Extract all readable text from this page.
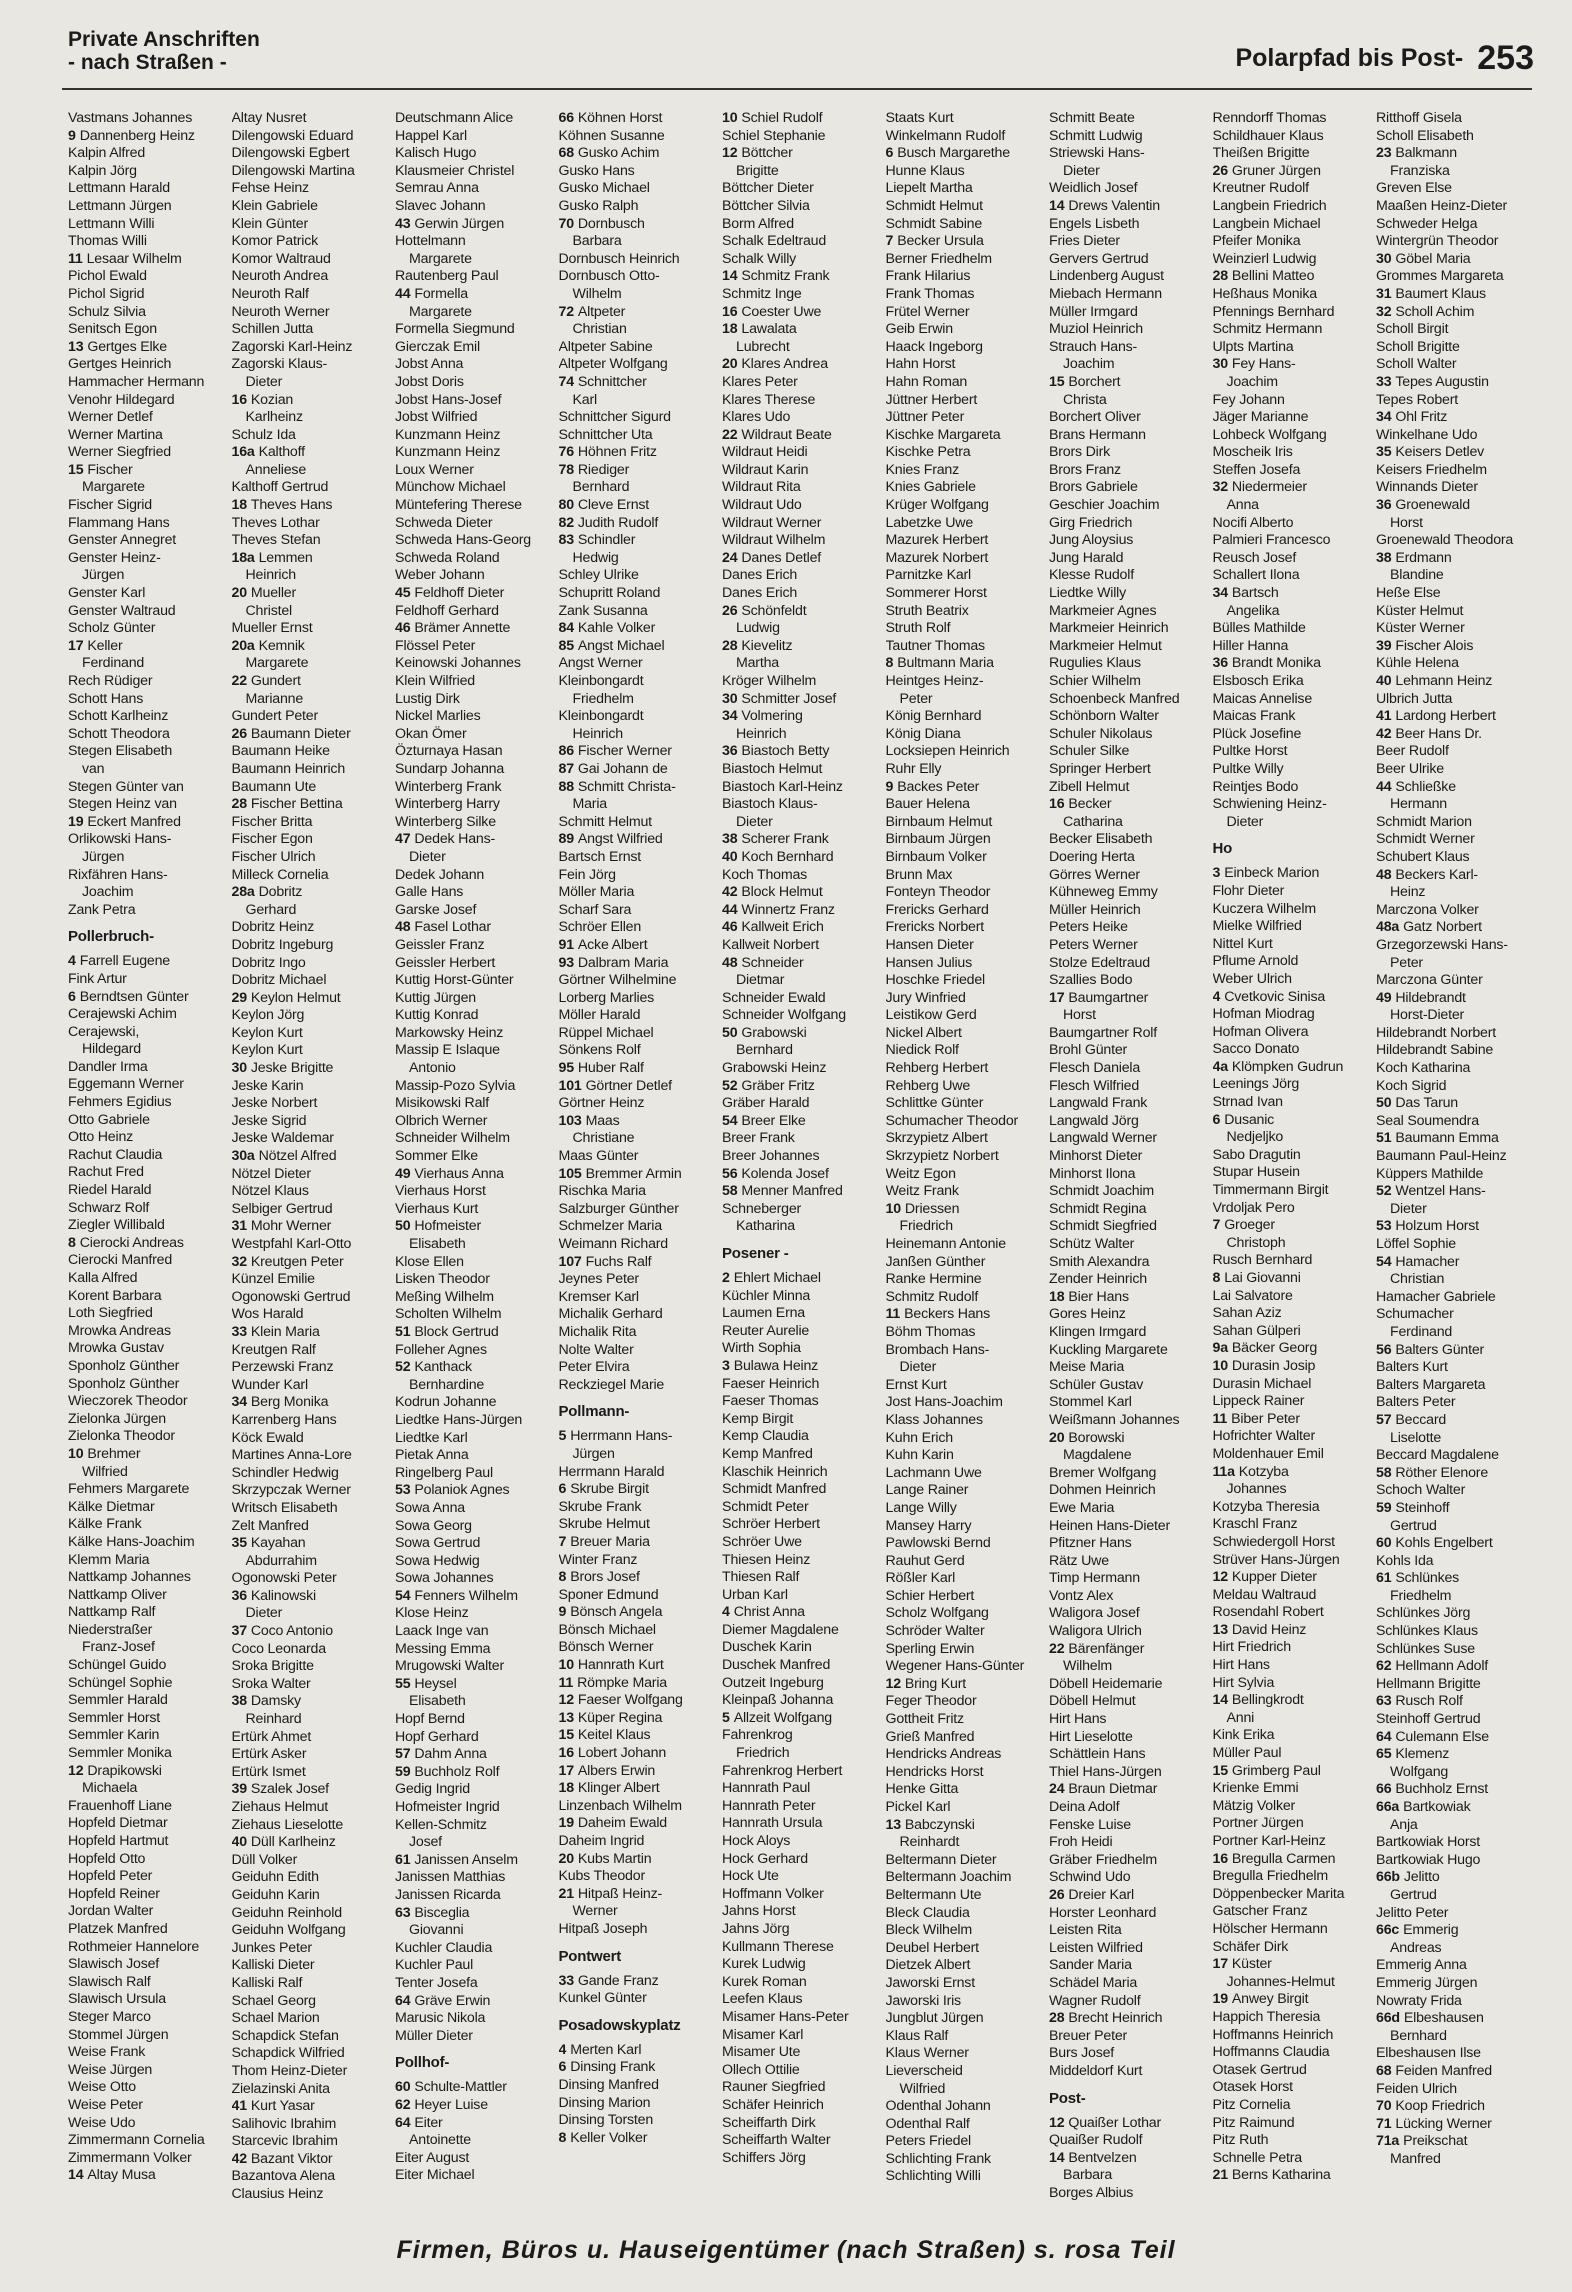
Private Anschriften
- nach Straßen -	Polarpfad bis Post- 253
Vastmans Johannes
9 Dannenberg Heinz
Kalpin Alfred
Kalpin Jörg
Lettmann Harald
Lettmann Jürgen
Lettmann Willi
Thomas Willi
11 Lesaar Wilhelm
Pichol Ewald
Pichol Sigrid
Schulz Silvia
Senitsch Egon
13 Gertges Elke
Gertges Heinrich
Hammacher Hermann
Venohr Hildegard
Werner Detlef
Werner Martina
Werner Siegfried
15 Fischer
Margarete
Fischer Sigrid
Flammang Hans
Genster Annegret
Genster Heinz-
Jürgen
Genster Karl
Genster Waltraud
Scholz Günter
17 Keller
Ferdinand
Rech Rüdiger
Schott Hans
Schott Karlheinz
Schott Theodora
Stegen Elisabeth
van
Stegen Günter van
Stegen Heinz van
19 Eckert Manfred
Orlikowski Hans-
Jürgen
Rixfähren Hans-
Joachim
Zank Petra
Pollerbruch-
4 Farrell Eugene
Fink Artur
6 Berndtsen Günter
Cerajewski Achim
Cerajewski,
Hildegard
Dandler Irma
Eggemann Werner
Fehmers Egidius
Otto Gabriele
Otto Heinz
Rachut Claudia
Rachut Fred
Riedel Harald
Schwarz Rolf
Ziegler Willibald
8 Cierocki Andreas
Cierocki Manfred
Kalla Alfred
Korent Barbara
Loth Siegfried
Mrowka Andreas
Mrowka Gustav
Sponholz Günther
Sponholz Günther
Wieczorek Theodor
Zielonka Jürgen
Zielonka Theodor
10 Brehmer
Wilfried
Fehmers Margarete
Kälke Dietmar
Kälke Frank
Kälke Hans-Joachim
Klemm Maria
Nattkamp Johannes
Nattkamp Oliver
Nattkamp Ralf
Niederstraßer
Franz-Josef
Schüngel Guido
Schüngel Sophie
Semmler Harald
Semmler Horst
Semmler Karin
Semmler Monika
12 Drapikowski
Michaela
Frauenhoff Liane
Hopfeld Dietmar
Hopfeld Hartmut
Hopfeld Otto
Hopfeld Peter
Hopfeld Reiner
Jordan Walter
Platzek Manfred
Rothmeier Hannelore
Slawisch Josef
Slawisch Ralf
Slawisch Ursula
Steger Marco
Stommel Jürgen
Weise Frank
Weise Jürgen
Weise Otto
Weise Peter
Weise Udo
Zimmermann Cornelia
Zimmermann Volker
14 Altay Musa
Altay Nusret
Dilengowski Eduard
Dilengowski Egbert
Dilengowski Martina
Fehse Heinz
Klein Gabriele
Klein Günter
Komor Patrick
Komor Waltraud
Neuroth Andrea
Neuroth Ralf
Neuroth Werner
Schillen Jutta
Zagorski Karl-Heinz
Zagorski Klaus-
Dieter
16 Kozian
Karlheinz
Schulz Ida
16a Kalthoff
Anneliese
Kalthoff Gertrud
18 Theves Hans
Theves Lothar
Theves Stefan
18a Lemmen
Heinrich
20 Mueller
Christel
Mueller Ernst
20a Kemnik
Margarete
22 Gundert
Marianne
Gundert Peter
26 Baumann Dieter
Baumann Heike
Baumann Heinrich
Baumann Ute
28 Fischer Bettina
Fischer Britta
Fischer Egon
Fischer Ulrich
Milleck Cornelia
28a Dobritz
Gerhard
Dobritz Heinz
Dobritz Ingeburg
Dobritz Ingo
Dobritz Michael
29 Keylon Helmut
Keylon Jörg
Keylon Kurt
Keylon Kurt
30 Jeske Brigitte
Jeske Karin
Jeske Norbert
Jeske Sigrid
Jeske Waldemar
30a Nötzel Alfred
Nötzel Dieter
Nötzel Klaus
Selbiger Gertrud
31 Mohr Werner
Westpfahl Karl-Otto
32 Kreutgen Peter
Künzel Emilie
Ogonowski Gertrud
Wos Harald
33 Klein Maria
Kreutgen Ralf
Perzewski Franz
Wunder Karl
34 Berg Monika
Karrenberg Hans
Köck Ewald
Martines Anna-Lore
Schindler Hedwig
Skrzypczak Werner
Writsch Elisabeth
Zelt Manfred
35 Kayahan
Abdurrahim
Ogonowski Peter
36 Kalinowski
Dieter
37 Coco Antonio
Coco Leonarda
Sroka Brigitte
Sroka Walter
38 Damsky
Reinhard
Ertürk Ahmet
Ertürk Asker
Ertürk Ismet
39 Szalek Josef
Ziehaus Helmut
Ziehaus Lieselotte
40 Düll Karlheinz
Düll Volker
Geiduhn Edith
Geiduhn Karin
Geiduhn Reinhold
Geiduhn Wolfgang
Junkes Peter
Kalliski Dieter
Kalliski Ralf
Schael Georg
Schael Marion
Schapdick Stefan
Schapdick Wilfried
Thom Heinz-Dieter
Zielazinski Anita
41 Kurt Yasar
Salihovic Ibrahim
Starcevic Ibrahim
42 Bazant Viktor
Bazantova Alena
Clausius Heinz
Deutschmann Alice
Happel Karl
Kalisch Hugo
Klausmeier Christel
Semrau Anna
Slavec Johann
43 Gerwin Jürgen
Hottelmann
Margarete
Rautenberg Paul
44 Formella
Margarete
Formella Siegmund
Gierczak Emil
Jobst Anna
Jobst Doris
Jobst Hans-Josef
Jobst Wilfried
Kunzmann Heinz
Kunzmann Heinz
Loux Werner
Münchow Michael
Müntefering Therese
Schweda Dieter
Schweda Hans-Georg
Schweda Roland
Weber Johann
45 Feldhoff Dieter
Feldhoff Gerhard
46 Brämer Annette
Flössel Peter
Keinowski Johannes
Klein Wilfried
Lustig Dirk
Nickel Marlies
Okan Ömer
Özturnaya Hasan
Sundarp Johanna
Winterberg Frank
Winterberg Harry
Winterberg Silke
47 Dedek Hans-
Dieter
Dedek Johann
Galle Hans
Garske Josef
48 Fasel Lothar
Geissler Franz
Geissler Herbert
Kuttig Horst-Günter
Kuttig Jürgen
Kuttig Konrad
Markowsky Heinz
Massip E Islaque
Antonio
Massip-Pozo Sylvia
Misikowski Ralf
Olbrich Werner
Schneider Wilhelm
Sommer Elke
49 Vierhaus Anna
Vierhaus Horst
Vierhaus Kurt
50 Hofmeister
Elisabeth
Klose Ellen
Lisken Theodor
Meßing Wilhelm
Scholten Wilhelm
51 Block Gertrud
Folleher Agnes
52 Kanthack
Bernhardine
Kodrun Johanne
Liedtke Hans-Jürgen
Liedtke Karl
Pietak Anna
Ringelberg Paul
53 Polaniok Agnes
Sowa Anna
Sowa Georg
Sowa Gertrud
Sowa Hedwig
Sowa Johannes
54 Fenners Wilhelm
Klose Heinz
Laack Inge van
Messing Emma
Mrugowski Walter
55 Heysel
Elisabeth
Hopf Bernd
Hopf Gerhard
57 Dahm Anna
59 Buchholz Rolf
Gedig Ingrid
Hofmeister Ingrid
Kellen-Schmitz
Josef
61 Janissen Anselm
Janissen Matthias
Janissen Ricarda
63 Bisceglia
Giovanni
Kuchler Claudia
Kuchler Paul
Tenter Josefa
64 Gräve Erwin
Marusic Nikola
Müller Dieter
Pollhof-
60 Schulte-Mattler
62 Heyer Luise
64 Eiter
Antoinette
Eiter August
Eiter Michael
66 Köhnen Horst
Köhnen Susanne
68 Gusko Achim
Gusko Hans
Gusko Michael
Gusko Ralph
70 Dornbusch
Barbara
Dornbusch Heinrich
Dornbusch Otto-
Wilhelm
72 Altpeter
Christian
Altpeter Sabine
Altpeter Wolfgang
74 Schnittcher
Karl
Schnittcher Sigurd
Schnittcher Uta
76 Höhnen Fritz
78 Riediger
Bernhard
80 Cleve Ernst
82 Judith Rudolf
83 Schindler
Hedwig
Schley Ulrike
Schupritt Roland
Zank Susanna
84 Kahle Volker
85 Angst Michael
Angst Werner
Kleinbongardt
Friedhelm
Kleinbongardt
Heinrich
86 Fischer Werner
87 Gai Johann de
88 Schmitt Christa-
Maria
Schmitt Helmut
89 Angst Wilfried
Bartsch Ernst
Fein Jörg
Möller Maria
Scharf Sara
Schröer Ellen
91 Acke Albert
93 Dalbram Maria
Görtner Wilhelmine
Lorberg Marlies
Möller Harald
Rüppel Michael
Sönkens Rolf
95 Huber Ralf
101 Görtner Detlef
Görtner Heinz
103 Maas
Christiane
Maas Günter
105 Bremmer Armin
Rischka Maria
Salzburger Günther
Schmelzer Maria
Weimann Richard
107 Fuchs Ralf
Jeynes Peter
Kremser Karl
Michalik Gerhard
Michalik Rita
Nolte Walter
Peter Elvira
Reckziegel Marie
Pollmann-
5 Herrmann Hans-
Jürgen
Herrmann Harald
6 Skrube Birgit
Skrube Frank
Skrube Helmut
7 Breuer Maria
Winter Franz
8 Brors Josef
Sponer Edmund
9 Bönsch Angela
Bönsch Michael
Bönsch Werner
10 Hannrath Kurt
11 Römpke Maria
12 Faeser Wolfgang
13 Küper Regina
15 Keitel Klaus
16 Lobert Johann
17 Albers Erwin
18 Klinger Albert
Linzenbach Wilhelm
19 Daheim Ewald
Daheim Ingrid
20 Kubs Martin
Kubs Theodor
21 Hitpaß Heinz-
Werner
Hitpaß Joseph
Pontwert
33 Gande Franz
Kunkel Günter
Posadowskyplatz
4 Merten Karl
6 Dinsing Frank
Dinsing Manfred
Dinsing Marion
Dinsing Torsten
8 Keller Volker
10 Schiel Rudolf
Schiel Stephanie
12 Böttcher
Brigitte
Böttcher Dieter
Böttcher Silvia
Borm Alfred
Schalk Edeltraud
Schalk Willy
14 Schmitz Frank
Schmitz Inge
16 Coester Uwe
18 Lawalata
Lubrecht
20 Klares Andrea
Klares Peter
Klares Therese
Klares Udo
22 Wildraut Beate
Wildraut Heidi
Wildraut Karin
Wildraut Rita
Wildraut Udo
Wildraut Werner
Wildraut Wilhelm
24 Danes Detlef
Danes Erich
Danes Erich
26 Schönfeldt
Ludwig
28 Kievelitz
Martha
Kröger Wilhelm
30 Schmitter Josef
34 Volmering
Heinrich
36 Biastoch Betty
Biastoch Helmut
Biastoch Karl-Heinz
Biastoch Klaus-
Dieter
38 Scherer Frank
40 Koch Bernhard
Koch Thomas
42 Block Helmut
44 Winnertz Franz
46 Kallweit Erich
Kallweit Norbert
48 Schneider
Dietmar
Schneider Ewald
Schneider Wolfgang
50 Grabowski
Bernhard
Grabowski Heinz
52 Gräber Fritz
Gräber Harald
54 Breer Elke
Breer Frank
Breer Johannes
56 Kolenda Josef
58 Menner Manfred
Schneberger
Katharina
Posener -
2 Ehlert Michael
Küchler Minna
Laumen Erna
Reuter Aurelie
Wirth Sophia
3 Bulawa Heinz
Faeser Heinrich
Faeser Thomas
Kemp Birgit
Kemp Claudia
Kemp Manfred
Klaschik Heinrich
Schmidt Manfred
Schmidt Peter
Schröer Herbert
Schröer Uwe
Thiesen Heinz
Thiesen Ralf
Urban Karl
4 Christ Anna
Diemer Magdalene
Duschek Karin
Duschek Manfred
Outzeit Ingeburg
Kleinpaß Johanna
5 Allzeit Wolfgang
Fahrenkrog
Friedrich
Fahrenkrog Herbert
Hannrath Paul
Hannrath Peter
Hannrath Ursula
Hock Aloys
Hock Gerhard
Hock Ute
Hoffmann Volker
Jahns Horst
Jahns Jörg
Kullmann Therese
Kurek Ludwig
Kurek Roman
Leefen Klaus
Misamer Hans-Peter
Misamer Karl
Misamer Ute
Ollech Ottilie
Rauner Siegfried
Schäfer Heinrich
Scheiffarth Dirk
Scheiffarth Walter
Schiffers Jörg
Staats Kurt
Winkelmann Rudolf
6 Busch Margarethe
Hunne Klaus
Liepelt Martha
Schmidt Helmut
Schmidt Sabine
7 Becker Ursula
Berner Friedhelm
Frank Hilarius
Frank Thomas
Frütel Werner
Geib Erwin
Haack Ingeborg
Hahn Horst
Hahn Roman
Jüttner Herbert
Jüttner Peter
Kischke Margareta
Kischke Petra
Knies Franz
Knies Gabriele
Krüger Wolfgang
Labetzke Uwe
Mazurek Herbert
Mazurek Norbert
Parnitzke Karl
Sommerer Horst
Struth Beatrix
Struth Rolf
Tautner Thomas
8 Bultmann Maria
Heintges Heinz-
Peter
König Bernhard
König Diana
Locksiepen Heinrich
Ruhr Elly
9 Backes Peter
Bauer Helena
Birnbaum Helmut
Birnbaum Jürgen
Birnbaum Volker
Brunn Max
Fonteyn Theodor
Frericks Gerhard
Frericks Norbert
Hansen Dieter
Hansen Julius
Hoschke Friedel
Jury Winfried
Leistikow Gerd
Nickel Albert
Niedick Rolf
Rehberg Herbert
Rehberg Uwe
Schlittke Günter
Schumacher Theodor
Skrzypietz Albert
Skrzypietz Norbert
Weitz Egon
Weitz Frank
10 Driessen
Friedrich
Heinemann Antonie
Janßen Günther
Ranke Hermine
Schmitz Rudolf
11 Beckers Hans
Böhm Thomas
Brombach Hans-
Dieter
Ernst Kurt
Jost Hans-Joachim
Klass Johannes
Kuhn Erich
Kuhn Karin
Lachmann Uwe
Lange Rainer
Lange Willy
Mansey Harry
Pawlowski Bernd
Rauhut Gerd
Rößler Karl
Schier Herbert
Scholz Wolfgang
Schröder Walter
Sperling Erwin
Wegener Hans-Günter
12 Bring Kurt
Feger Theodor
Gottheit Fritz
Grieß Manfred
Hendricks Andreas
Hendricks Horst
Henke Gitta
Pickel Karl
13 Babczynski
Reinhardt
Beltermann Dieter
Beltermann Joachim
Beltermann Ute
Bleck Claudia
Bleck Wilhelm
Deubel Herbert
Dietzek Albert
Jaworski Ernst
Jaworski Iris
Jungblut Jürgen
Klaus Ralf
Klaus Werner
Lieverscheid
Wilfried
Odenthal Johann
Odenthal Ralf
Peters Friedel
Schlichting Frank
Schlichting Willi
Schmitt Beate
Schmitt Ludwig
Striewski Hans-
Dieter
Weidlich Josef
14 Drews Valentin
Engels Lisbeth
Fries Dieter
Gervers Gertrud
Lindenberg August
Miebach Hermann
Müller Irmgard
Muziol Heinrich
Strauch Hans-
Joachim
15 Borchert
Christa
Borchert Oliver
Brans Hermann
Brors Dirk
Brors Franz
Brors Gabriele
Geschier Joachim
Girg Friedrich
Jung Aloysius
Jung Harald
Klesse Rudolf
Liedtke Willy
Markmeier Agnes
Markmeier Heinrich
Markmeier Helmut
Rugulies Klaus
Schier Wilhelm
Schoenbeck Manfred
Schönborn Walter
Schuler Nikolaus
Schuler Silke
Springer Herbert
Zibell Helmut
16 Becker
Catharina
Becker Elisabeth
Doering Herta
Görres Werner
Kühneweg Emmy
Müller Heinrich
Peters Heike
Peters Werner
Stolze Edeltraud
Szallies Bodo
17 Baumgartner
Horst
Baumgartner Rolf
Brohl Günter
Flesch Daniela
Flesch Wilfried
Langwald Frank
Langwald Jörg
Langwald Werner
Minhorst Dieter
Minhorst Ilona
Schmidt Joachim
Schmidt Regina
Schmidt Siegfried
Schütz Walter
Smith Alexandra
Zender Heinrich
18 Bier Hans
Gores Heinz
Klingen Irmgard
Kuckling Margarete
Meise Maria
Schüler Gustav
Stommel Karl
Weißmann Johannes
20 Borowski
Magdalene
Bremer Wolfgang
Dohmen Heinrich
Ewe Maria
Heinen Hans-Dieter
Pfitzner Hans
Rätz Uwe
Timp Hermann
Vontz Alex
Waligora Josef
Waligora Ulrich
22 Bärenfänger
Wilhelm
Döbell Heidemarie
Döbell Helmut
Hirt Hans
Hirt Lieselotte
Schättlein Hans
Thiel Hans-Jürgen
24 Braun Dietmar
Deina Adolf
Fenske Luise
Froh Heidi
Gräber Friedhelm
Schwind Udo
26 Dreier Karl
Horster Leonhard
Leisten Rita
Leisten Wilfried
Sander Maria
Schädel Maria
Wagner Rudolf
28 Brecht Heinrich
Breuer Peter
Burs Josef
Middeldorf Kurt
Post-
12 Quaißer Lothar
Quaißer Rudolf
14 Bentvelzen
Barbara
Borges Albius
Renndorff Thomas
Schildhauer Klaus
Theißen Brigitte
26 Gruner Jürgen
Kreutner Rudolf
Langbein Friedrich
Langbein Michael
Pfeifer Monika
Weinzierl Ludwig
28 Bellini Matteo
Heßhaus Monika
Pfennings Bernhard
Schmitz Hermann
Ulpts Martina
30 Fey Hans-
Joachim
Fey Johann
Jäger Marianne
Lohbeck Wolfgang
Moscheik Iris
Steffen Josefa
32 Niedermeier
Anna
Nocifi Alberto
Palmieri Francesco
Reusch Josef
Schallert Ilona
34 Bartsch
Angelika
Bülles Mathilde
Hiller Hanna
36 Brandt Monika
Elsbosch Erika
Maicas Annelise
Maicas Frank
Plück Josefine
Pultke Horst
Pultke Willy
Reintjes Bodo
Schwiening Heinz-
Dieter
Ho
3 Einbeck Marion
Flohr Dieter
Kuczera Wilhelm
Mielke Wilfried
Nittel Kurt
Pflume Arnold
Weber Ulrich
4 Cvetkovic Sinisa
Hofman Miodrag
Hofman Olivera
Sacco Donato
4a Klömpken Gudrun
Leenings Jörg
Strnad Ivan
6 Dusanic
Nedjeljko
Sabo Dragutin
Stupar Husein
Timmermann Birgit
Vrdoljak Pero
7 Groeger
Christoph
Rusch Bernhard
8 Lai Giovanni
Lai Salvatore
Sahan Aziz
Sahan Gülperi
9a Bäcker Georg
10 Durasin Josip
Durasin Michael
Lippeck Rainer
11 Biber Peter
Hofrichter Walter
Moldenhauer Emil
11a Kotzyba
Johannes
Kotzyba Theresia
Kraschl Franz
Schwiedergoll Horst
Strüver Hans-Jürgen
12 Kupper Dieter
Meldau Waltraud
Rosendahl Robert
13 David Heinz
Hirt Friedrich
Hirt Hans
Hirt Sylvia
14 Bellingkrodt
Anni
Kink Erika
Müller Paul
15 Grimberg Paul
Krienke Emmi
Mätzig Volker
Portner Jürgen
Portner Karl-Heinz
16 Bregulla Carmen
Bregulla Friedhelm
Döppenbecker Marita
Gatscher Franz
Hölscher Hermann
Schäfer Dirk
17 Küster
Johannes-Helmut
19 Anwey Birgit
Happich Theresia
Hoffmanns Heinrich
Hoffmanns Claudia
Otasek Gertrud
Otasek Horst
Pitz Cornelia
Pitz Raimund
Pitz Ruth
Schnelle Petra
21 Berns Katharina
Ritthoff Gisela
Scholl Elisabeth
23 Balkmann
Franziska
Greven Else
Maaßen Heinz-Dieter
Schweder Helga
Wintergrün Theodor
30 Göbel Maria
Grommes Margareta
31 Baumert Klaus
32 Scholl Achim
Scholl Birgit
Scholl Brigitte
Scholl Walter
33 Tepes Augustin
Tepes Robert
34 Ohl Fritz
Winkelhane Udo
35 Keisers Detlev
Keisers Friedhelm
Winnands Dieter
36 Groenewald
Horst
Groenewald Theodora
38 Erdmann
Blandine
Heße Else
Küster Helmut
Küster Werner
39 Fischer Alois
Kühle Helena
40 Lehmann Heinz
Ulbrich Jutta
41 Lardong Herbert
42 Beer Hans Dr.
Beer Rudolf
Beer Ulrike
44 Schließke
Hermann
Schmidt Marion
Schmidt Werner
Schubert Klaus
48 Beckers Karl-
Heinz
Marczona Volker
48a Gatz Norbert
Grzegorzewski Hans-
Peter
Marczona Günter
49 Hildebrandt
Horst-Dieter
Hildebrandt Norbert
Hildebrandt Sabine
Koch Katharina
Koch Sigrid
50 Das Tarun
Seal Soumendra
51 Baumann Emma
Baumann Paul-Heinz
Küppers Mathilde
52 Wentzel Hans-
Dieter
53 Holzum Horst
Löffel Sophie
54 Hamacher
Christian
Hamacher Gabriele
Schumacher
Ferdinand
56 Balters Günter
Balters Kurt
Balters Margareta
Balters Peter
57 Beccard
Liselotte
Beccard Magdalene
58 Röther Elenore
Schoch Walter
59 Steinhoff
Gertrud
60 Kohls Engelbert
Kohls Ida
61 Schlünkes
Friedhelm
Schlünkes Jörg
Schlünkes Klaus
Schlünkes Suse
62 Hellmann Adolf
Hellmann Brigitte
63 Rusch Rolf
Steinhoff Gertrud
64 Culemann Else
65 Klemenz
Wolfgang
66 Buchholz Ernst
66a Bartkowiak
Anja
Bartkowiak Horst
Bartkowiak Hugo
66b Jelitto
Gertrud
Jelitto Peter
66c Emmerig
Andreas
Emmerig Anna
Emmerig Jürgen
Nowraty Frida
66d Elbeshausen
Bernhard
Elbeshausen Ilse
68 Feiden Manfred
Feiden Ulrich
70 Koop Friedrich
71 Lücking Werner
71a Preikschat
Manfred
Firmen, Büros u. Hauseigentümer (nach Straßen) s. rosa Teil
